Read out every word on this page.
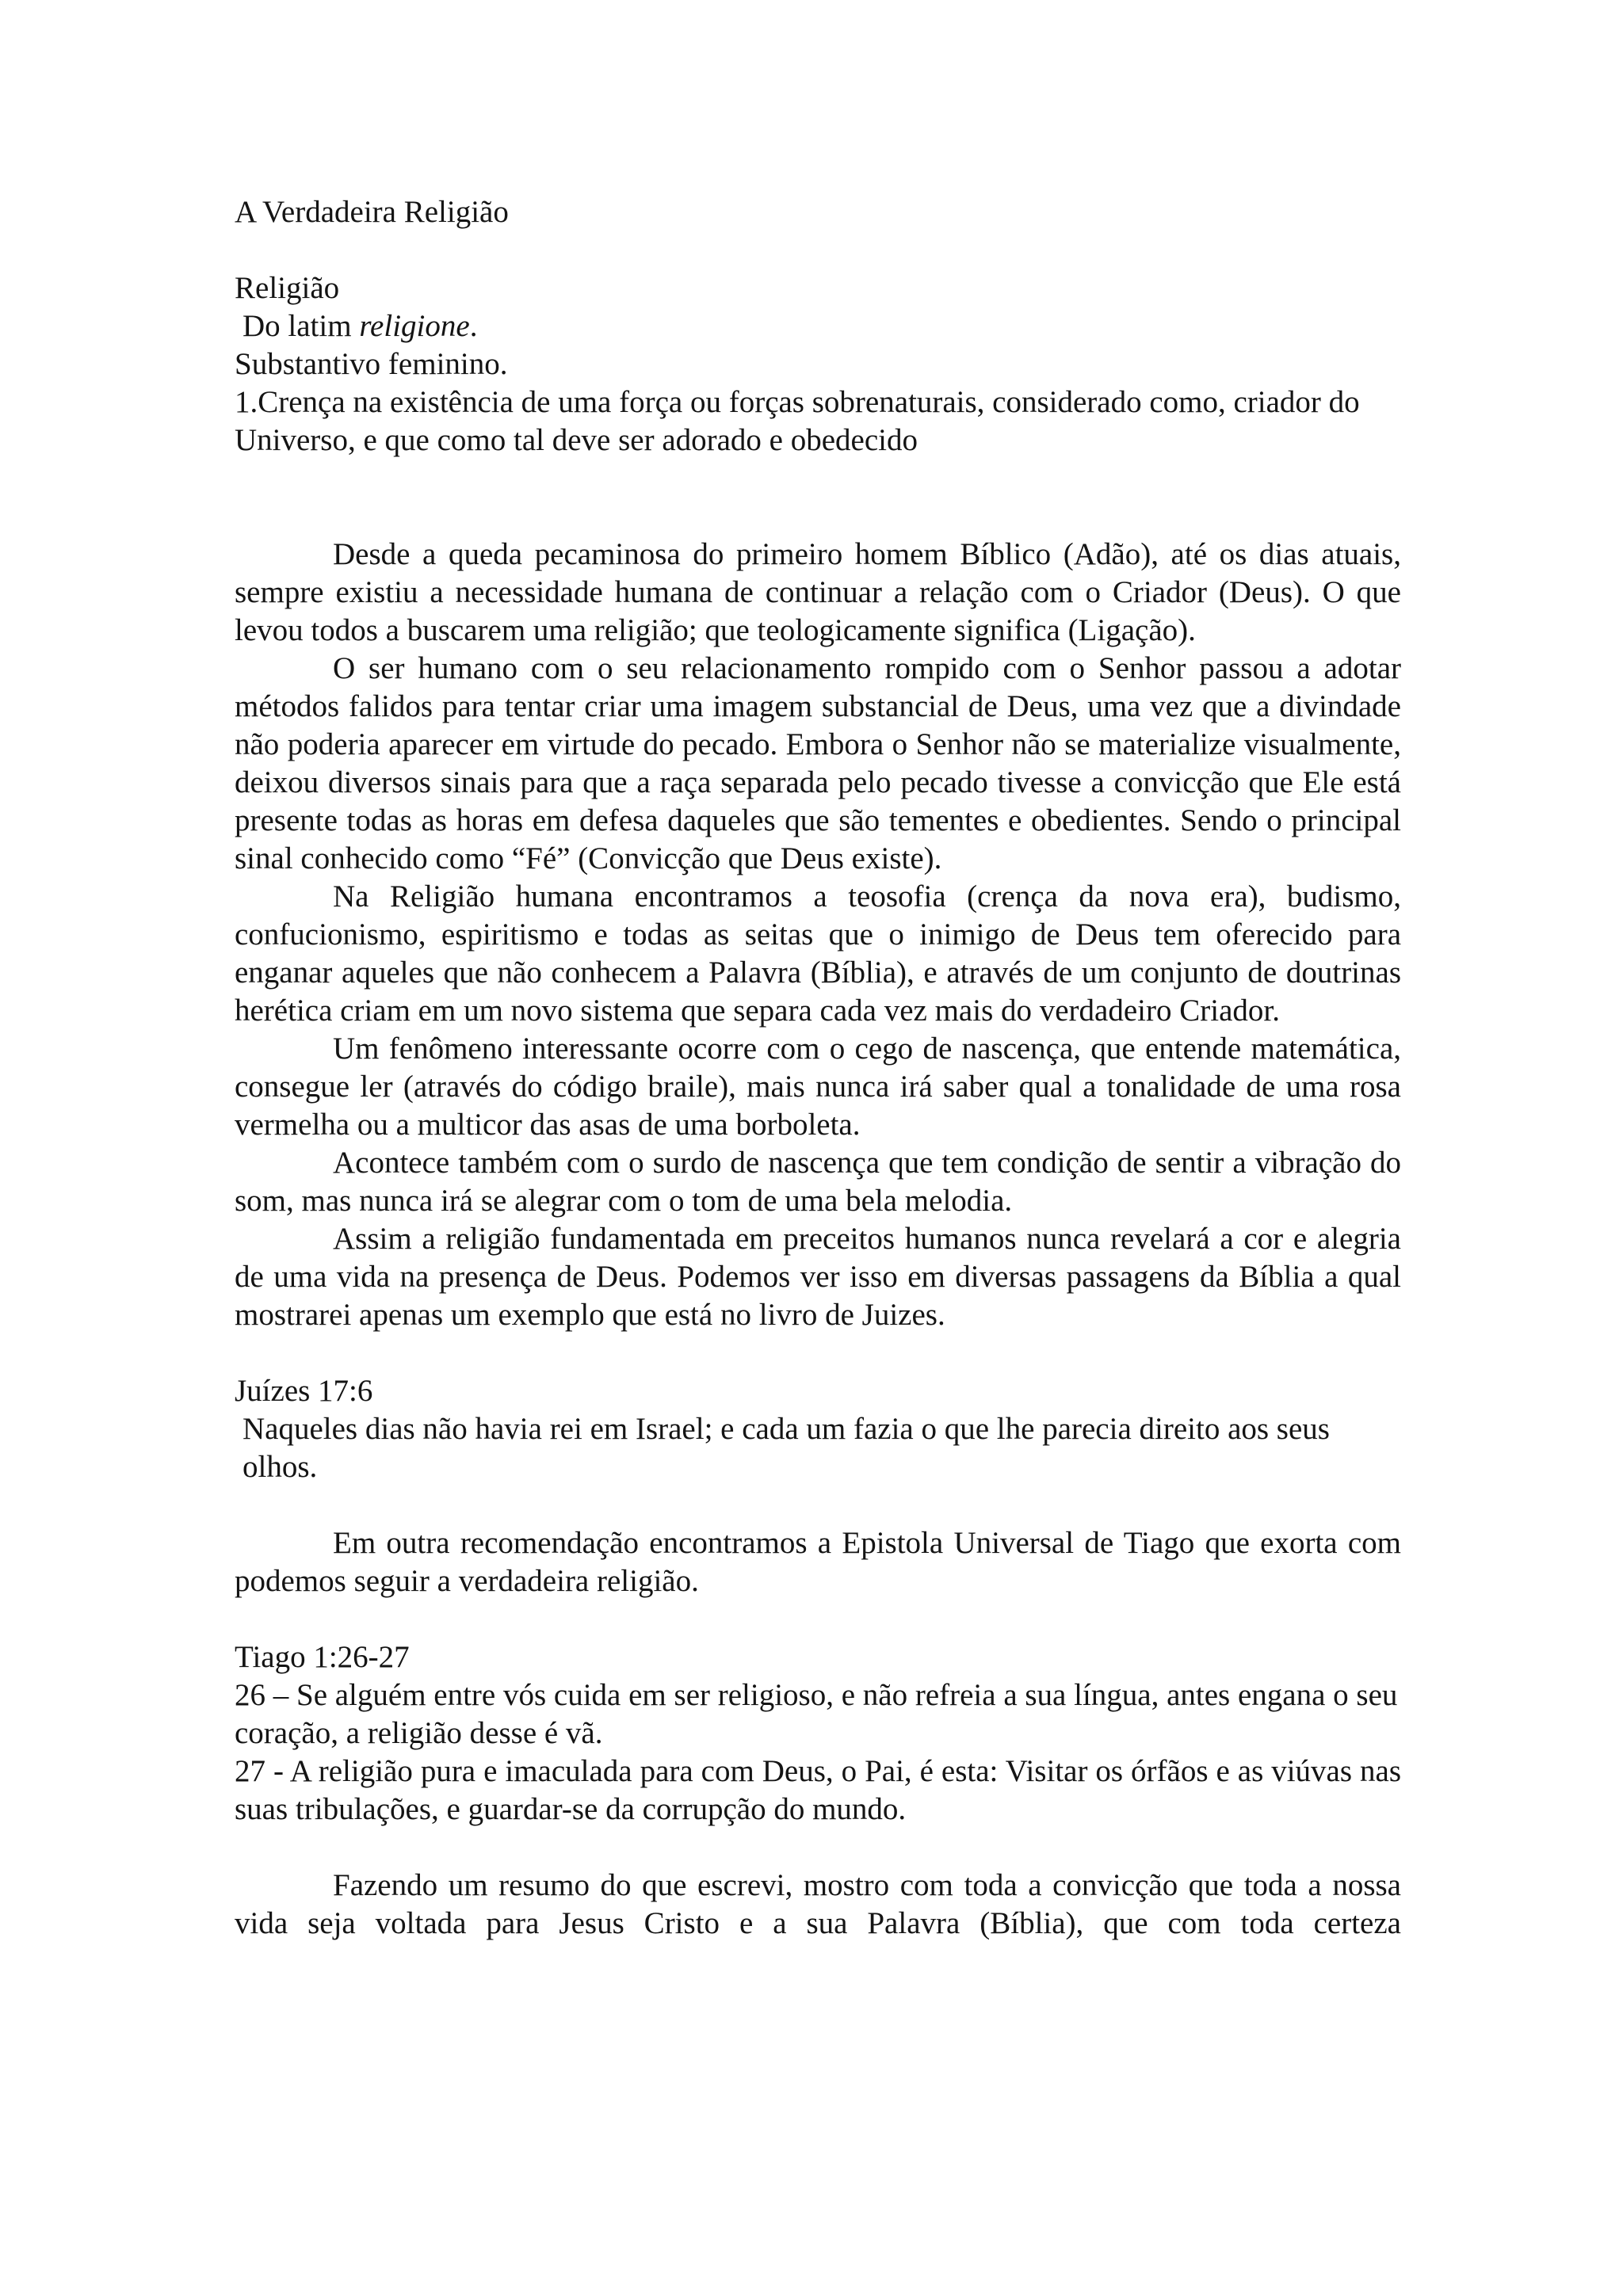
A Verdadeira Religião

Religião

Do latim religione.

Substantivo feminino.

1.Crença na existência de uma força ou forças sobrenaturais, considerado como, criador do Universo, e que como tal deve ser adorado e obedecido

Desde a queda pecaminosa do primeiro homem Bíblico (Adão), até os dias atuais, sempre existiu a necessidade humana de continuar a relação com o Criador (Deus). O que levou todos a buscarem uma religião; que teologicamente significa (Ligação).

O ser humano com o seu relacionamento rompido com o Senhor passou a adotar métodos falidos para tentar criar uma imagem substancial de Deus, uma vez que a divindade não poderia aparecer em virtude do pecado. Embora o Senhor não se materialize visualmente, deixou diversos sinais para que a raça separada pelo pecado tivesse a convicção que Ele está presente todas as horas em defesa daqueles que são tementes e obedientes. Sendo o principal sinal conhecido como “Fé” (Convicção que Deus existe).

Na Religião humana encontramos a teosofia (crença da nova era), budismo, confucionismo, espiritismo e todas as seitas que o inimigo de Deus tem oferecido para enganar aqueles que não conhecem a Palavra (Bíblia), e através de um conjunto de doutrinas herética criam em um novo sistema que separa cada vez mais do verdadeiro Criador.

Um fenômeno interessante ocorre com o cego de nascença, que entende matemática, consegue ler (através do código braile), mais nunca irá saber qual a tonalidade de uma rosa vermelha ou a multicor das asas de uma borboleta.

Acontece também com o surdo de nascença que tem condição de sentir a vibração do som, mas nunca irá se alegrar com o tom de uma bela melodia.

Assim a religião fundamentada em preceitos humanos nunca revelará a cor e alegria de uma vida na presença de Deus. Podemos ver isso em diversas passagens da Bíblia a qual mostrarei apenas um exemplo que está no livro de Juizes.

Juízes 17:6

Naqueles dias não havia rei em Israel; e cada um fazia o que lhe parecia direito aos seus olhos.

Em outra recomendação encontramos a Epistola Universal de Tiago que exorta com podemos seguir a verdadeira religião.

Tiago 1:26-27

26 – Se alguém entre vós cuida em ser religioso, e não refreia a sua língua, antes engana o seu coração, a religião desse é vã.

27 - A religião pura e imaculada para com Deus, o Pai, é esta: Visitar os órfãos e as viúvas nas suas tribulações, e guardar-se da corrupção do mundo.

Fazendo um resumo do que escrevi, mostro com toda a convicção que toda a nossa vida seja voltada para Jesus Cristo e a sua Palavra (Bíblia), que com toda certeza
